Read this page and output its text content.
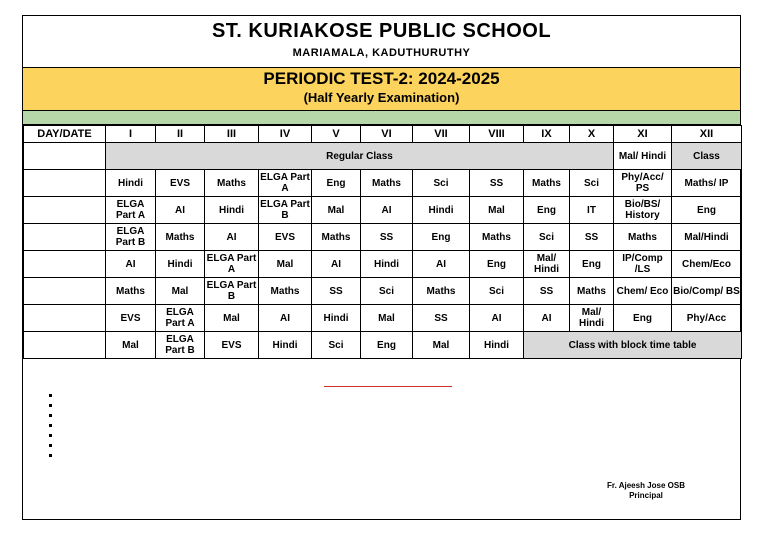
ST. KURIAKOSE PUBLIC SCHOOL
MARIAMALA, KADUTHURUTHY
PERIODIC TEST-2: 2024-2025
(Half Yearly Examination)
DAY/DATE	I	II	III	IV	V	VI	VII	VIII	IX	X	XI	XII
	Regular Class										Mal/ Hindi	Class
	Hindi	EVS	Maths	ELGA Part A	Eng	Maths	Sci	SS	Maths	Sci	Phy/Acc/ PS	Maths/ IP
	ELGA Part A	AI	Hindi	ELGA Part B	Mal	AI	Hindi	Mal	Eng	IT	Bio/BS/ History	Eng
	ELGA Part B	Maths	AI	EVS	Maths	SS	Eng	Maths	Sci	SS	Maths	Mal/Hindi
	AI	Hindi	ELGA Part A	Mal	AI	Hindi	AI	Eng	Mal/ Hindi	Eng	IP/Comp /LS	Chem/Eco
	Maths	Mal	ELGA Part B	Maths	SS	Sci	Maths	Sci	SS	Maths	Chem/ Eco	Bio/Comp/ BS
	EVS	ELGA Part A	Mal	AI	Hindi	Mal	SS	AI	AI	Mal/ Hindi	Eng	Phy/Acc
	Mal	ELGA Part B	EVS	Hindi	Sci	Eng	Mal	Hindi	Class with block time table			
Fr. Ajeesh Jose OSB
Principal
